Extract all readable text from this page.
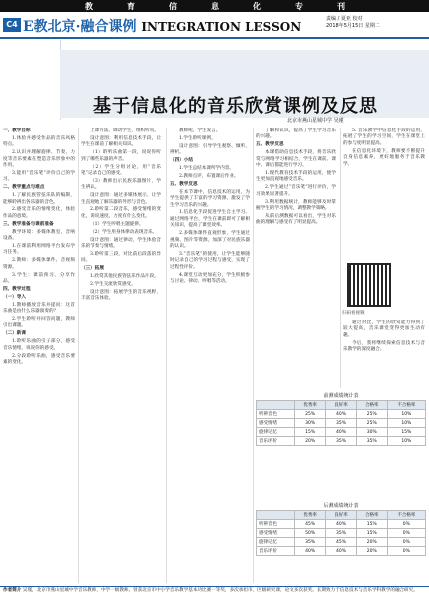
教	育	信	息	化	专	刊
C4 E教北京·融合课例 INTEGRATION LESSON
责编 / 夏亚 校对
2018年5月15日 星期二
基于信息化的音乐欣赏课例及反思
北京市燕山星城中学 吴瑾

一、教学目标

1.体验并感受作品的音乐风格特点。

2.认识并理解旋律、节奏、力度等音乐要素在塑造音乐形象中的作用。

3.能用“音乐笔”评价自己的学习。

二、教学重点与难点

1.了解民族管弦乐队的编制，能够聆辨出各乐器的音色。

2.感受音乐的情绪变化，体验作品的意境。

三、教学准备与课前准备

教学环境：多媒体教室、音响设备。

1.在课前利用网络平台发布学习任务。

2.教师：多媒体课件、音视频资源。

3.学生：课前预习、分享作品。

四、教学过程

（一）导入

1.教师播放音乐并提问：这首乐曲是由什么乐器演奏的？

2.学生聆听并回答问题，教师引出课题。

（二）新课

1.聆听乐曲的引子部分，感受音乐情绪，说说你的感受。

2.分段聆听乐曲，感受音乐要素的变化。

上课方法，调动学生，组织听赏。

设计意图：利用信息技术手段，让学生在课前了解相关知识。

（1）聆听乐曲第一段，说说你听到了哪些乐器的声音。

（2）学生分组讨论，用“音乐笔”记录自己的感受。

（3）教师出示民族乐器图片，学生辨认。

设计意图：通过多媒体展示，让学生直观地了解乐器的外形与音色。

2.聆听第二段音乐，感受情绪的变化，说说速度、力度有什么变化。

（1）学生哼唱主题旋律。

（2）学生用身体律动表现音乐。

设计意图：通过律动，学生体验音乐的节奏与情绪。

3.聆听第三段，对比前后段落的异同。

（三）拓展

1.欣赏其他民族管弦乐作品片段。

2.学生交流欣赏感受。

设计意图：拓展学生的音乐视野，丰富音乐体验。

教师呢，学生发言。

1.学生聆听课例。

设计意图：引导学生观察、倾听、辨析。

（四）小结

1.学生总结本课所学内容。

2.教师点评，布置课后作业。

五、教学反思

在本节课中，信息技术的运用，为学生提供了丰富的学习资源，激发了学生学习音乐的兴趣。

1.信息化手段促进学生自主学习。通过网络平台，学生在课前即可了解相关知识，提高了课堂效率。

2.多媒体课件直观形象，学生通过视频、图片等资源，加深了对民族乐器的认识。

3.“音乐笔”的使用，让学生能够随时记录自己的学习过程与感受，实现了过程性评价。

4.课堂互动更加充分，学生积极参与讨论、律动、哼唱等活动。

了解和认识，提高了学生学习音乐的兴趣。

五、教学反思

本课借助信息技术手段，将音乐欣赏与网络学习相结合，学生在课前、课中、课后都能进行学习。

1.现代教育技术手段的运用，使学生更加直观地感受音乐。

2.学生通过“音乐笔”进行评价，学习效果显著提升。

3.利用数据统计，教师能够及时掌握学生的学习情况，调整教学策略。

从前后测数据可以看出，学生对乐曲的理解与感受有了明显提高。

5. 音乐教学中信息化手段的运用，拓展了学生的学习空间，学生在课堂上的参与度明显提高。

在信息化环境下，教师要不断提升自身信息素养，更好地服务于音乐教学。

扫码看视频

通过对比，学生的欣赏能力得到了较大提高，音乐课堂变得更加生动有趣。

今后，我将继续探索信息技术与音乐教学的深度融合。

前测成绩统计表
	优秀率	良好率	合格率	不合格率
听辨音色	25%	40%	25%	10%
感受情绪	30%	35%	25%	10%
旋律记忆	15%	40%	30%	15%
音乐评价	20%	35%	35%	10%
后测成绩统计表
	优秀率	良好率	合格率	不合格率
听辨音色	45%	40%	15%	0%
感受情绪	50%	35%	15%	0%
旋律记忆	35%	45%	20%	0%
音乐评价	40%	40%	20%	0%
作者简介 吴瑾，北京市燕山星城中学音乐教师，中学一级教师。曾获北京市中小学音乐教学基本功比赛一等奖，多次承担市、区级研究课，论文多次获奖。长期致力于信息技术与音乐学科教学的融合研究。
